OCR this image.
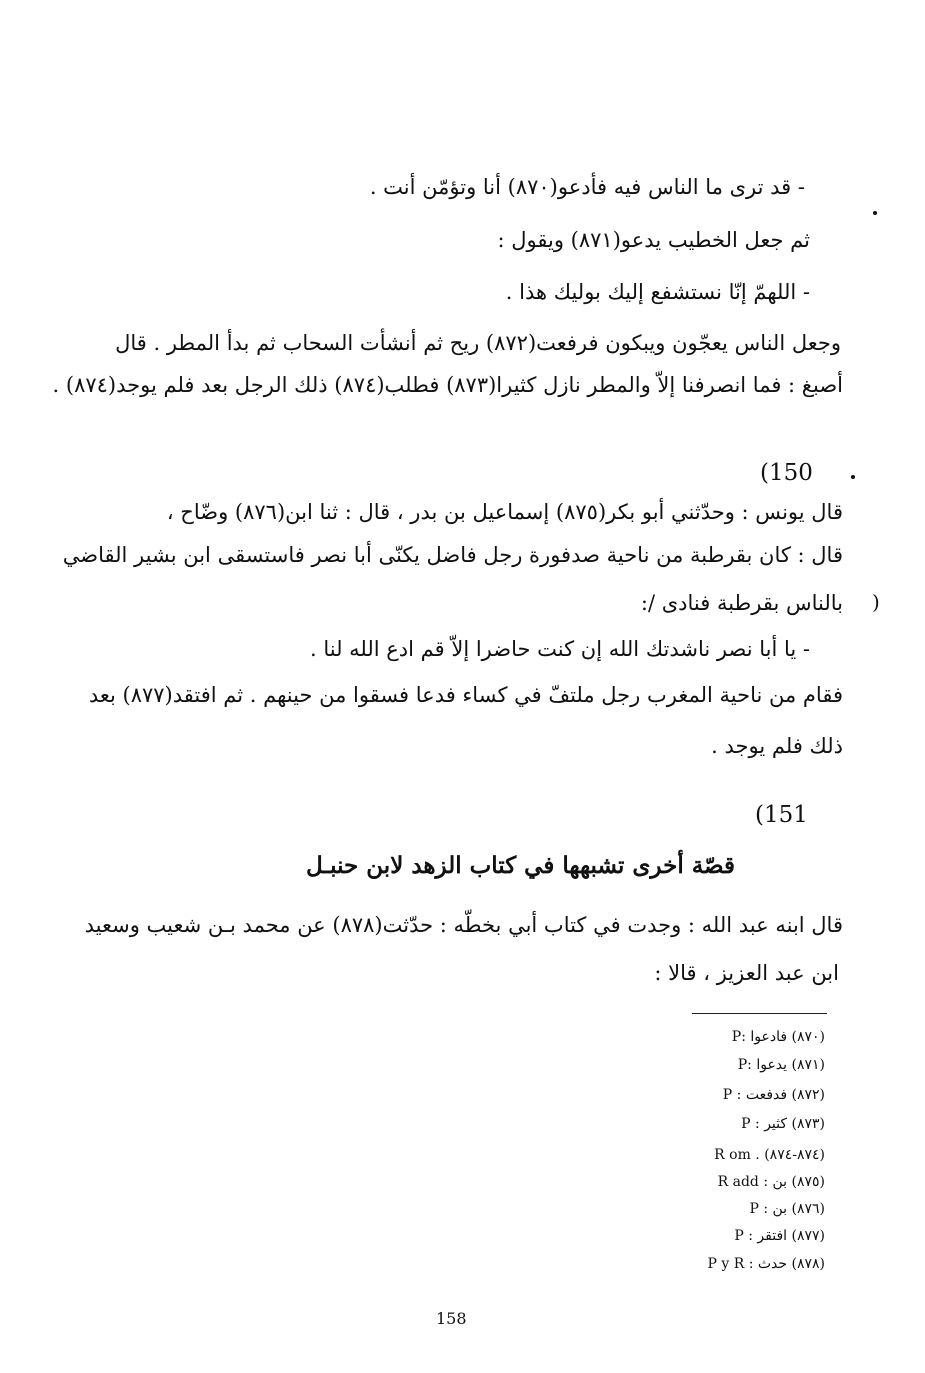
- قد ترى ما الناس فيه فأدعو(٨٧٠) أنا وتؤمّن أنت .
ثم جعل الخطيب يدعو(٨٧١) ويقول :
- اللهمّ إنّا نستشفع إليك بوليك هذا .
وجعل الناس يعجّون ويبكون فرفعت(٨٧٢) ريح ثم أنشأت السحاب ثم بدأ المطر . قال
أصبغ : فما انصرفنا إلاّ والمطر نازل كثيرا(٨٧٣) فطلب(٨٧٤) ذلك الرجل بعد فلم يوجد(٨٧٤) .
(150
قال يونس : وحدّثني أبو بكر(٨٧٥) إسماعيل بن بدر ، قال : ثنا ابن(٨٧٦) وضّاح ،
قال : كان بقرطبة من ناحية صدفورة رجل فاضل يكنّى أبا نصر فاستسقى ابن بشير القاضي
)
بالناس بقرطبة فنادى /:
- يا أبا نصر ناشدتك الله إن كنت حاضرا إلاّ قم ادع الله لنا .
فقام من ناحية المغرب رجل ملتفّ في كساء فدعا فسقوا من حينهم . ثم افتقد(٨٧٧) بعد
ذلك فلم يوجد .
(151
قصّة أخرى تشبهها في كتاب الزهد لابن حنبـل
قال ابنه عبد الله : وجدت في كتاب أبي بخطّه : حدّثت(٨٧٨) عن محمد بـن شعيب وسعيد
ابن عبد العزيز ، قالا :
(٨٧٠) فادعوا :P
(٨٧١) يدعوا :P
(٨٧٢) فدفعت : P
(٨٧٣) كثير : P
(٨٧٤-٨٧٤) . R om
(٨٧٥) بن : R add
(٨٧٦) بن : P
(٨٧٧) افتقر : P
(٨٧٨) حدث : P y R
158
